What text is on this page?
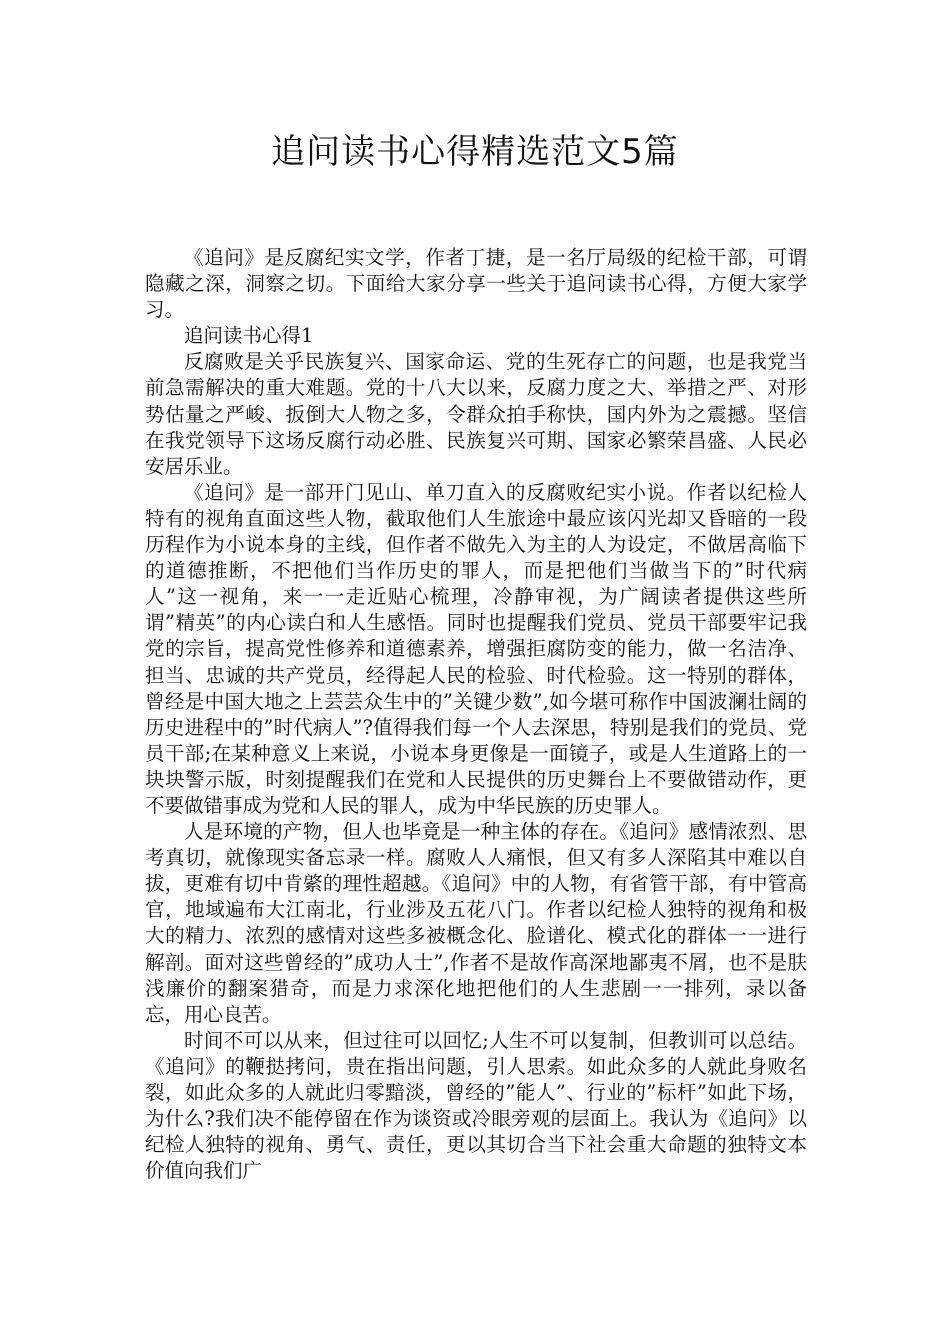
追问读书心得精选范文5篇

《追问》是反腐纪实文学，作者丁捷，是一名厅局级的纪检干部，可谓隐藏之深，洞察之切。下面给大家分享一些关于追问读书心得，方便大家学习。

追问读书心得1

反腐败是关乎民族复兴、国家命运、党的生死存亡的问题，也是我党当前急需解决的重大难题。党的十八大以来，反腐力度之大、举措之严、对形势估量之严峻、扳倒大人物之多，令群众拍手称快，国内外为之震撼。坚信在我党领导下这场反腐行动必胜、民族复兴可期、国家必繁荣昌盛、人民必安居乐业。

《追问》是一部开门见山、单刀直入的反腐败纪实小说。作者以纪检人特有的视角直面这些人物，截取他们人生旅途中最应该闪光却又昏暗的一段历程作为小说本身的主线，但作者不做先入为主的人为设定，不做居高临下的道德推断，不把他们当作历史的罪人，而是把他们当做当下的”时代病人”这一视角，来一一走近贴心梳理，冷静审视，为广阔读者提供这些所谓”精英”的内心读白和人生感悟。同时也提醒我们党员、党员干部要牢记我党的宗旨，提高党性修养和道德素养，增强拒腐防变的能力，做一名洁净、担当、忠诚的共产党员，经得起人民的检验、时代检验。这一特别的群体，曾经是中国大地之上芸芸众生中的”关键少数”,如今堪可称作中国波澜壮阔的历史进程中的”时代病人”?值得我们每一个人去深思，特别是我们的党员、党员干部;在某种意义上来说，小说本身更像是一面镜子，或是人生道路上的一块块警示版，时刻提醒我们在党和人民提供的历史舞台上不要做错动作，更不要做错事成为党和人民的罪人，成为中华民族的历史罪人。

人是环境的产物，但人也毕竟是一种主体的存在。《追问》感情浓烈、思考真切，就像现实备忘录一样。腐败人人痛恨，但又有多人深陷其中难以自拔，更难有切中肯綮的理性超越。《追问》中的人物，有省管干部，有中管高官，地域遍布大江南北，行业涉及五花八门。作者以纪检人独特的视角和极大的精力、浓烈的感情对这些多被概念化、脸谱化、模式化的群体一一进行解剖。面对这些曾经的”成功人士”,作者不是故作高深地鄙夷不屑，也不是肤浅廉价的翻案猎奇，而是力求深化地把他们的人生悲剧一一排列，录以备忘，用心良苦。

时间不可以从来，但过往可以回忆;人生不可以复制，但教训可以总结。《追问》的鞭挞拷问，贵在指出问题，引人思索。如此众多的人就此身败名裂，如此众多的人就此归零黯淡，曾经的”能人”、行业的”标杆”如此下场，为什么?我们决不能停留在作为谈资或冷眼旁观的层面上。我认为《追问》以纪检人独特的视角、勇气、责任，更以其切合当下社会重大命题的独特文本价值向我们广
